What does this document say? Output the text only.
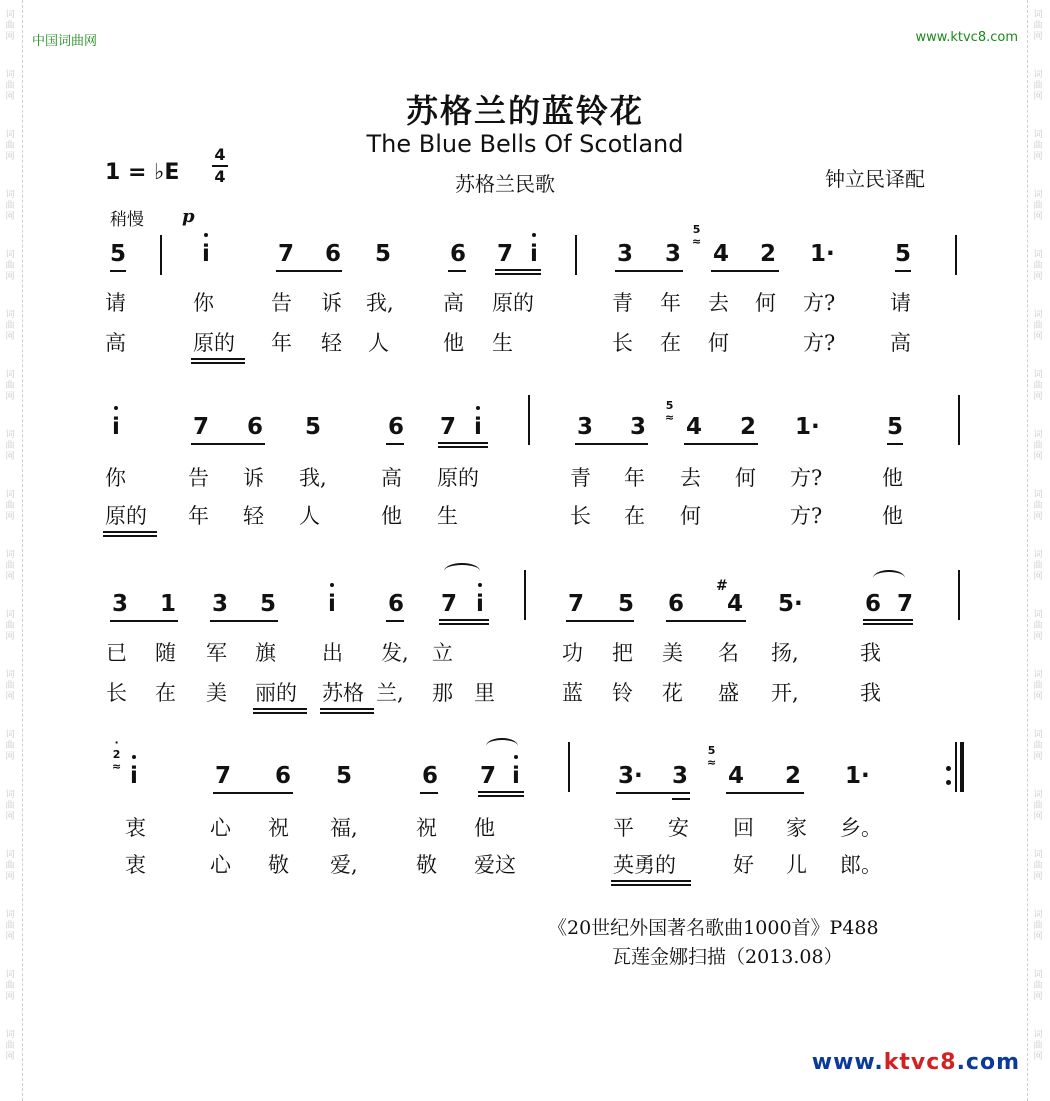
词
曲
网
词
曲
网
词
曲
网
词
曲
网
词
曲
网
词
曲
网
词
曲
网
词
曲
网
词
曲
网
词
曲
网
词
曲
网
词
曲
网
词
曲
网
词
曲
网
词
曲
网
词
曲
网
词
曲
网
词
曲
网
词
曲
网
词
曲
网
词
曲
网
词
曲
网
词
曲
网
词
曲
网
词
曲
网
词
曲
网
词
曲
网
词
曲
网
词
曲
网
词
曲
网
词
曲
网
词
曲
网
词
曲
网
词
曲
网
词
曲
网
词
曲
网
中国词曲网	www.ktvc8.com
苏格兰的蓝铃花
The Blue Bells Of Scotland
1 = ♭E
4
4	苏格兰民歌	钟立民译配
稍慢 p
5	i	7 6 5	6 7 i	3 3
5
≈ 4 2 1·	5
请	你	告 诉 我, 高 原的	青 年 去 何 方?	请
高	原的 年 轻 人	他 生	长 在 何	方?	高
i	7 6 5	6 7 i	3 3
5
≈ 4 2 1·	5
你	告 诉 我,	高 原的	青 年 去 何 方?	他
原的 年 轻 人	他 生	长 在 何	方?	他
3 1 3 5 i 6 7 i	7 5 6
#
4 5·	6 7
已 随 军 旗 出 发, 立	功 把 美 名 扬,	我
长 在 美 丽的 苏格 兰, 那 里	蓝 铃 花 盛 开,	我
·
2
≈ i	7 6 5	6 7 i	3· 3
5
≈
4 2 1·
衷	心 祝 福,	祝 他	平 安 回 家 乡。
衷	心 敬 爱,	敬 爱这	英勇的	好 儿 郎。
《20世纪外国著名歌曲1000首》P488
瓦莲金娜扫描（2013.08）
www.ktvc8.com
